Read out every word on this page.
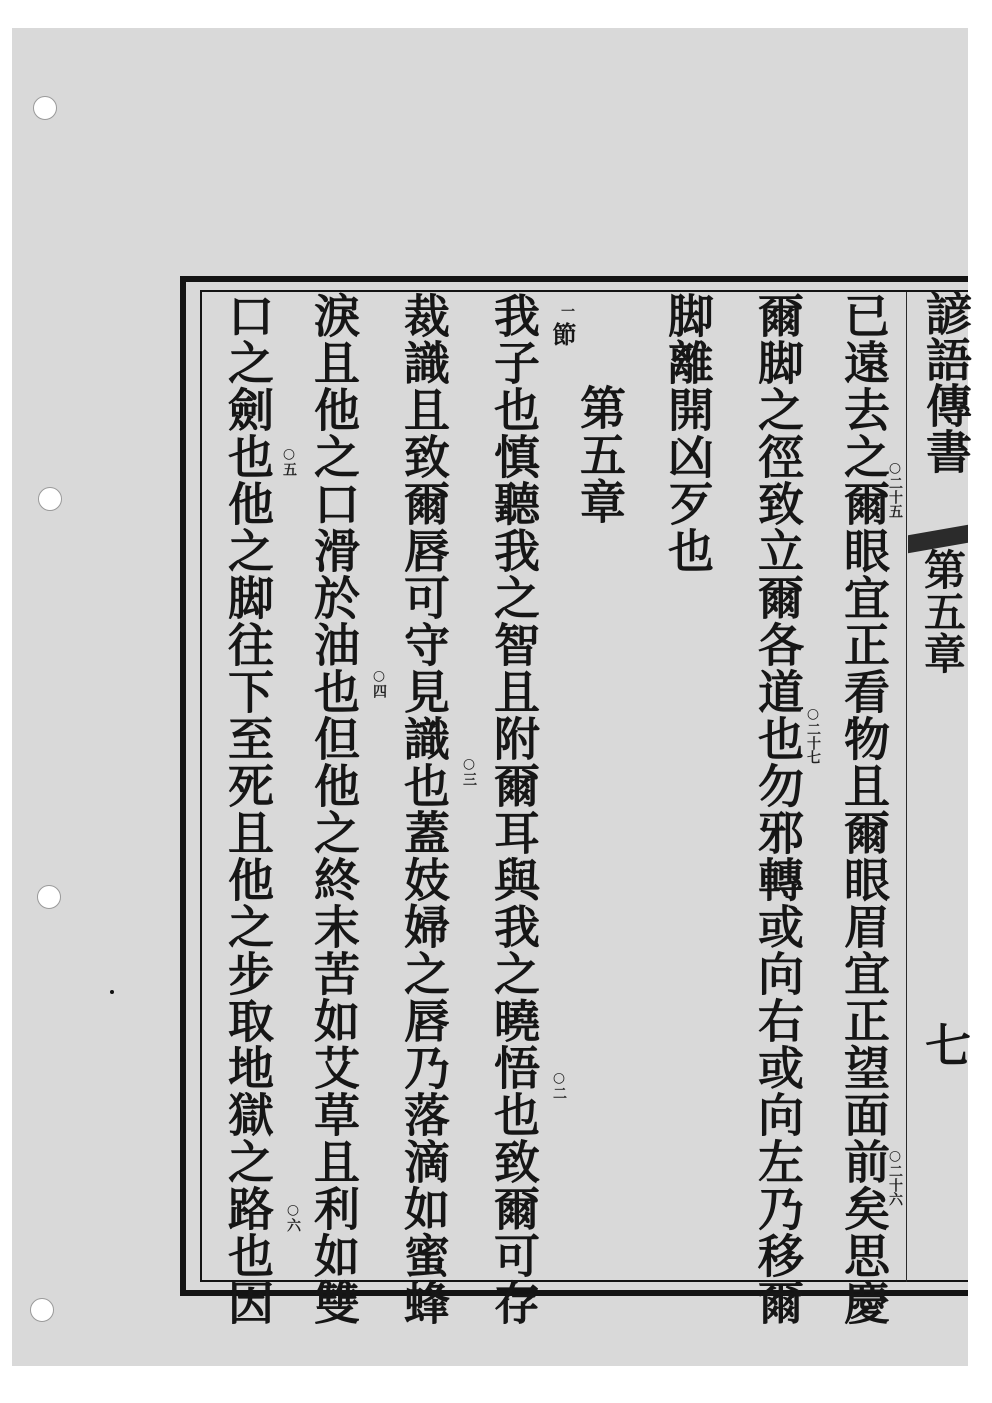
諺語傳書
第五章
七
已遠去之爾眼宜正看物且爾眼眉宜正望面前矣思慶
爾脚之徑致立爾各道也勿邪轉或向右或向左乃移爾
脚離開凶歹也
第五章
節
我子也慎聽我之智且附爾耳與我之曉悟也致爾可存
裁識且致爾唇可守見識也蓋妓婦之唇乃落滴如蜜蜂
淚且他之口滑於油也但他之終末苦如艾草且利如雙
口之劍也他之脚往下至死且他之步取地獄之路也因	○二十五
○二十六
○二十七
一
○二
○三
○四
○五
○六
